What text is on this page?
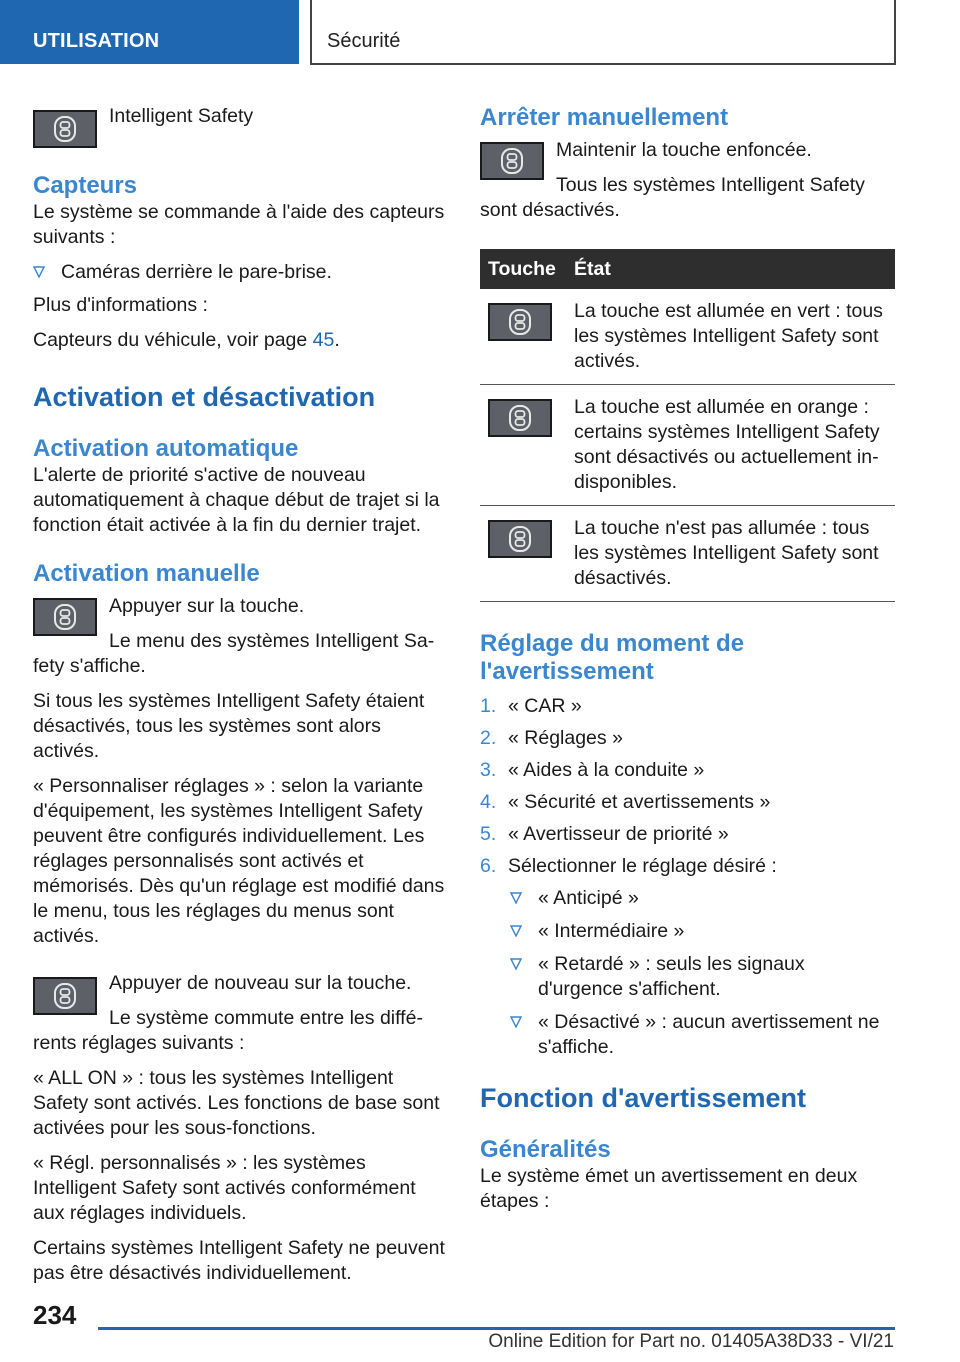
UTILISATION	Sécurité

Intelligent Safety

Capteurs

Le système se commande à l'aide des capteurs suivants :

Caméras derrière le pare-brise.

Plus d'informations :

Capteurs du véhicule, voir page 45.

Activation et désactivation
Activation automatique

L'alerte de priorité s'active de nouveau automatiquement à chaque début de trajet si la fonction était activée à la fin du dernier trajet.

Activation manuelle

Appuyer sur la touche.

Le menu des systèmes Intelligent Safety s'affiche.

Si tous les systèmes Intelligent Safety étaient désactivés, tous les systèmes sont alors activés.

« Personnaliser réglages » : selon la variante d'équipement, les systèmes Intelligent Safety peuvent être configurés individuellement. Les réglages personnalisés sont activés et mémorisés. Dès qu'un réglage est modifié dans le menu, tous les réglages du menus sont activés.

Appuyer de nouveau sur la touche.

Le système commute entre les différents réglages suivants :

« ALL ON » : tous les systèmes Intelligent Safety sont activés. Les fonctions de base sont activées pour les sous-fonctions.

« Régl. personnalisés » : les systèmes Intelligent Safety sont activés conformément aux réglages individuels.

Certains systèmes Intelligent Safety ne peuvent pas être désactivés individuellement.

Arrêter manuellement

Maintenir la touche enfoncée.

Tous les systèmes Intelligent Safety sont désactivés.

Touche	État

	La touche est allumée en vert : tous les systèmes Intelligent Safety sont activés.

	La touche est allumée en orange : certains systèmes Intelligent Safety sont désactivés ou actuellement indisponibles.

	La touche n'est pas allumée : tous les systèmes Intelligent Safety sont désactivés.
Réglage du moment de l'avertissement
1. « CAR »
2. « Réglages »
3. « Aides à la conduite »
4. « Sécurité et avertissements »
5. « Avertisseur de priorité »
6. Sélectionner le réglage désiré :
« Anticipé »
« Intermédiaire »
« Retardé » : seuls les signaux d'urgence s'affichent.
« Désactivé » : aucun avertissement ne s'affiche.
Fonction d'avertissement
Généralités

Le système émet un avertissement en deux étapes :

234
Online Edition for Part no. 01405A38D33 - VI/21
